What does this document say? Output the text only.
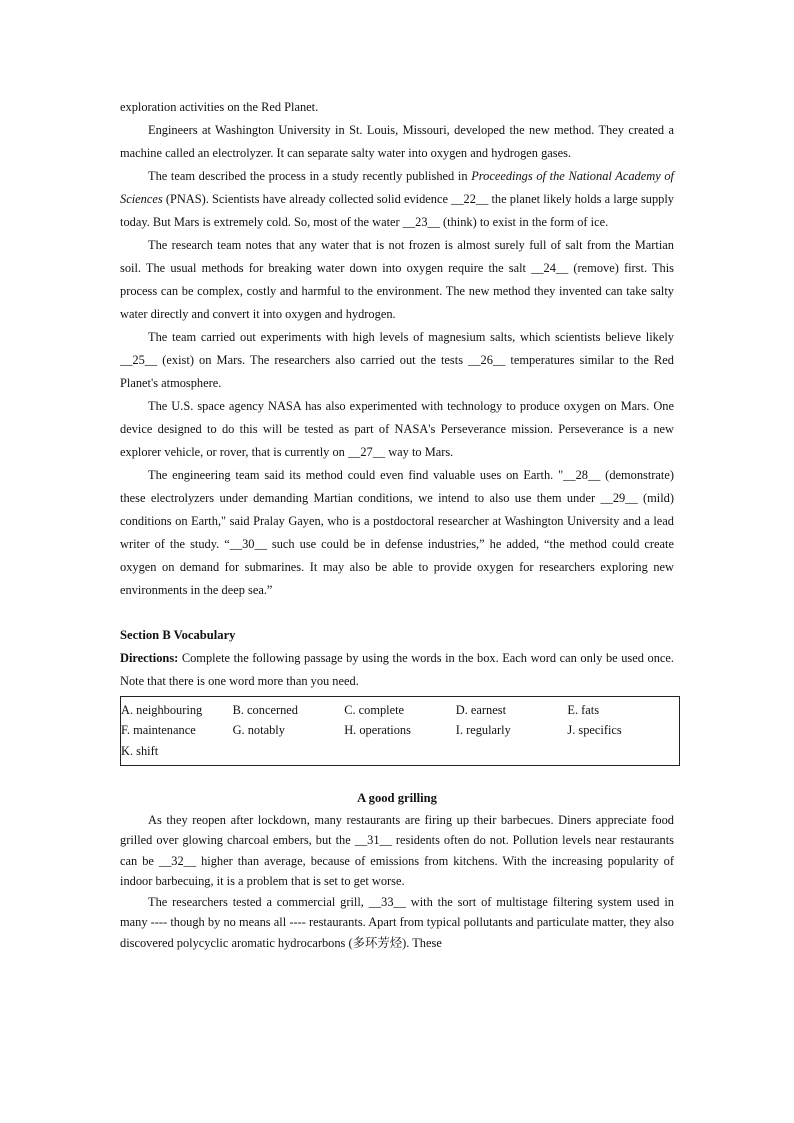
exploration activities on the Red Planet.

Engineers at Washington University in St. Louis, Missouri, developed the new method. They created a machine called an electrolyzer. It can separate salty water into oxygen and hydrogen gases.

The team described the process in a study recently published in Proceedings of the National Academy of Sciences (PNAS). Scientists have already collected solid evidence __22__ the planet likely holds a large supply today. But Mars is extremely cold. So, most of the water __23__ (think) to exist in the form of ice.

The research team notes that any water that is not frozen is almost surely full of salt from the Martian soil. The usual methods for breaking water down into oxygen require the salt __24__ (remove) first. This process can be complex, costly and harmful to the environment. The new method they invented can take salty water directly and convert it into oxygen and hydrogen.

The team carried out experiments with high levels of magnesium salts, which scientists believe likely __25__ (exist) on Mars. The researchers also carried out the tests __26__ temperatures similar to the Red Planet's atmosphere.

The U.S. space agency NASA has also experimented with technology to produce oxygen on Mars. One device designed to do this will be tested as part of NASA's Perseverance mission. Perseverance is a new explorer vehicle, or rover, that is currently on __27__ way to Mars.

The engineering team said its method could even find valuable uses on Earth. "__28__ (demonstrate) these electrolyzers under demanding Martian conditions, we intend to also use them under __29__ (mild) conditions on Earth," said Pralay Gayen, who is a postdoctoral researcher at Washington University and a lead writer of the study. “__30__ such use could be in defense industries,” he added, “the method could create oxygen on demand for submarines. It may also be able to provide oxygen for researchers exploring new environments in the deep sea.”

Section B Vocabulary

Directions: Complete the following passage by using the words in the box. Each word can only be used once. Note that there is one word more than you need.

A. neighbouring	B. concerned	C. complete	D. earnest	E. fats
F. maintenance	G. notably	H. operations	I. regularly	J. specifics
K. shift

A good grilling

As they reopen after lockdown, many restaurants are firing up their barbecues. Diners appreciate food grilled over glowing charcoal embers, but the __31__ residents often do not. Pollution levels near restaurants can be __32__ higher than average, because of emissions from kitchens. With the increasing popularity of indoor barbecuing, it is a problem that is set to get worse.

The researchers tested a commercial grill, __33__ with the sort of multistage filtering system used in many ---- though by no means all ---- restaurants. Apart from typical pollutants and particulate matter, they also discovered polycyclic aromatic hydrocarbons (多环芳烃). These
